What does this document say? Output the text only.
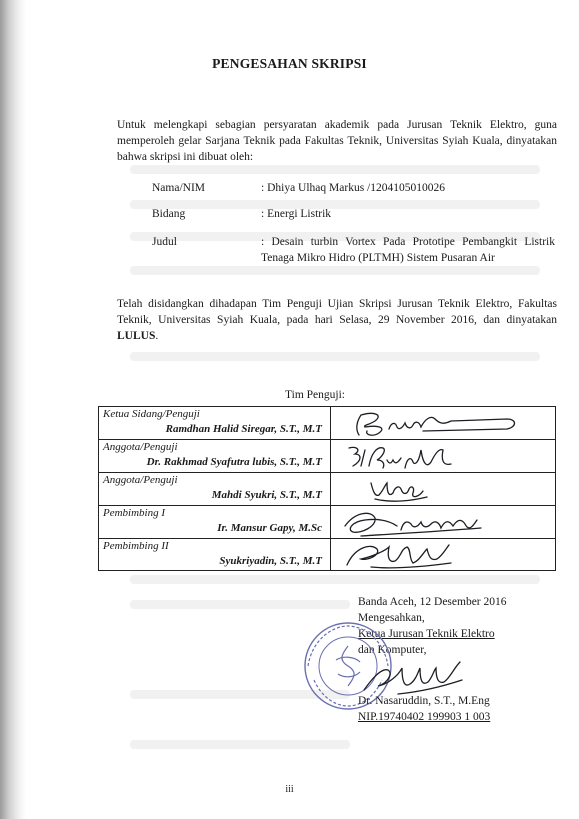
PENGESAHAN SKRIPSI
Untuk melengkapi sebagian persyaratan akademik pada Jurusan Teknik Elektro, guna memperoleh gelar Sarjana Teknik pada Fakultas Teknik, Universitas Syiah Kuala, dinyatakan bahwa skripsi ini dibuat oleh:
Nama/NIM	: Dhiya Ulhaq Markus /1204105010026
Bidang	: Energi Listrik
Judul	: Desain turbin Vortex Pada Prototipe Pembangkit Listrik Tenaga Mikro Hidro (PLTMH) Sistem Pusaran Air
Telah disidangkan dihadapan Tim Penguji Ujian Skripsi Jurusan Teknik Elektro, Fakultas Teknik, Universitas Syiah Kuala, pada hari Selasa, 29 November 2016, dan dinyatakan LULUS.
Tim Penguji:
Ketua Sidang/Penguji
Ramdhan Halid Siregar, S.T., M.T
Anggota/Penguji
Dr. Rakhmad Syafutra lubis, S.T., M.T
Anggota/Penguji
Mahdi Syukri, S.T., M.T
Pembimbing I
Ir. Mansur Gapy, M.Sc
Pembimbing II
Syukriyadin, S.T., M.T
Banda Aceh, 12 Desember 2016
Mengesahkan,
Ketua Jurusan Teknik Elektro
dan Komputer,
Dr. Nasaruddin, S.T., M.Eng
NIP.19740402 199903 1 003
iii
